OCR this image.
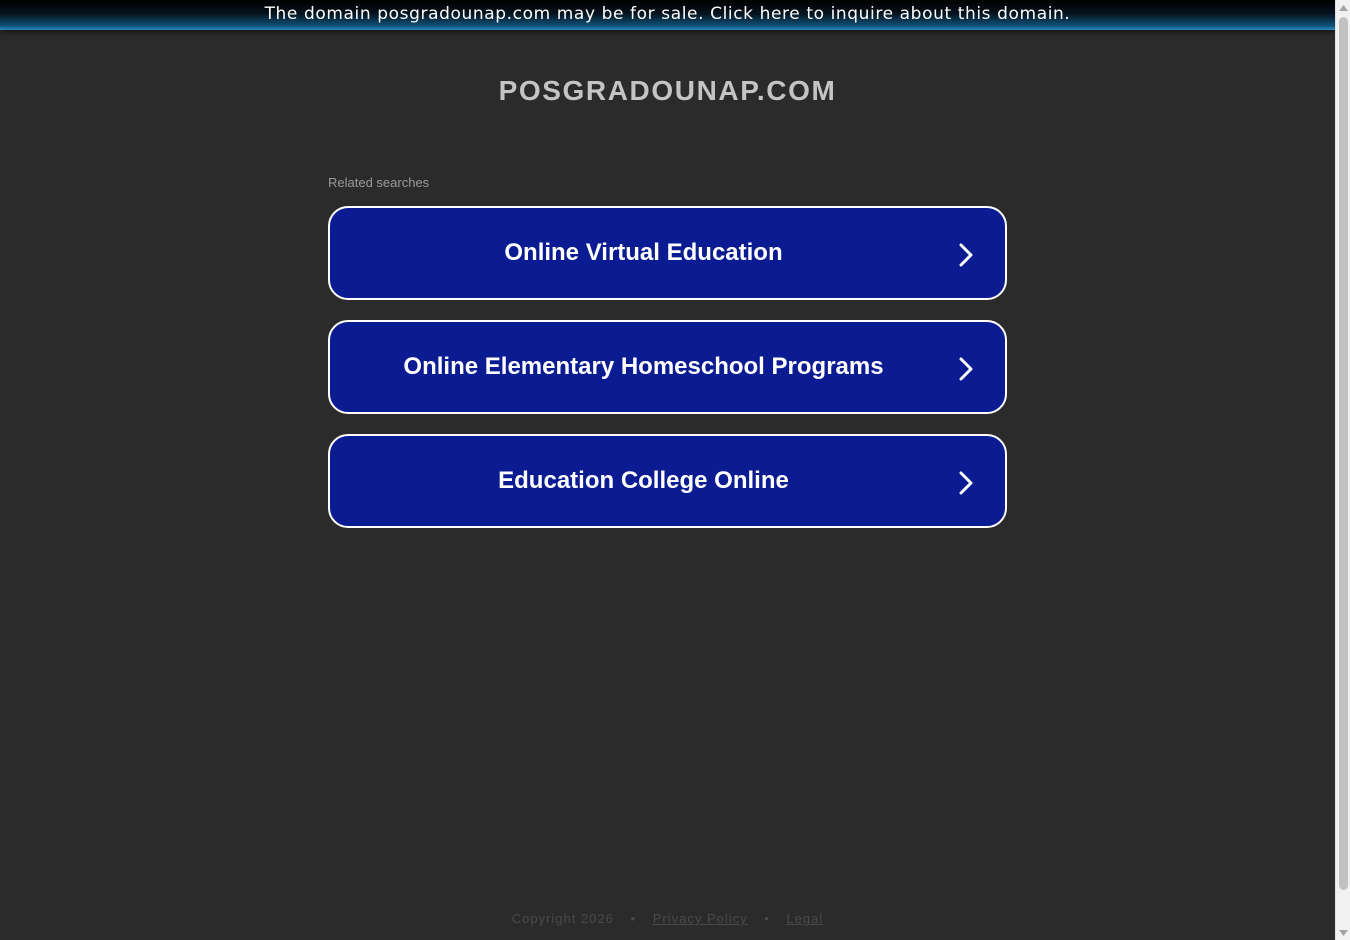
The domain posgradounap.com may be for sale. Click here to inquire about this domain.
POSGRADOUNAP.COM
Related searches
Online Virtual Education
Online Elementary Homeschool Programs
Education College Online
Copyright 2026 • Privacy Policy • Legal
